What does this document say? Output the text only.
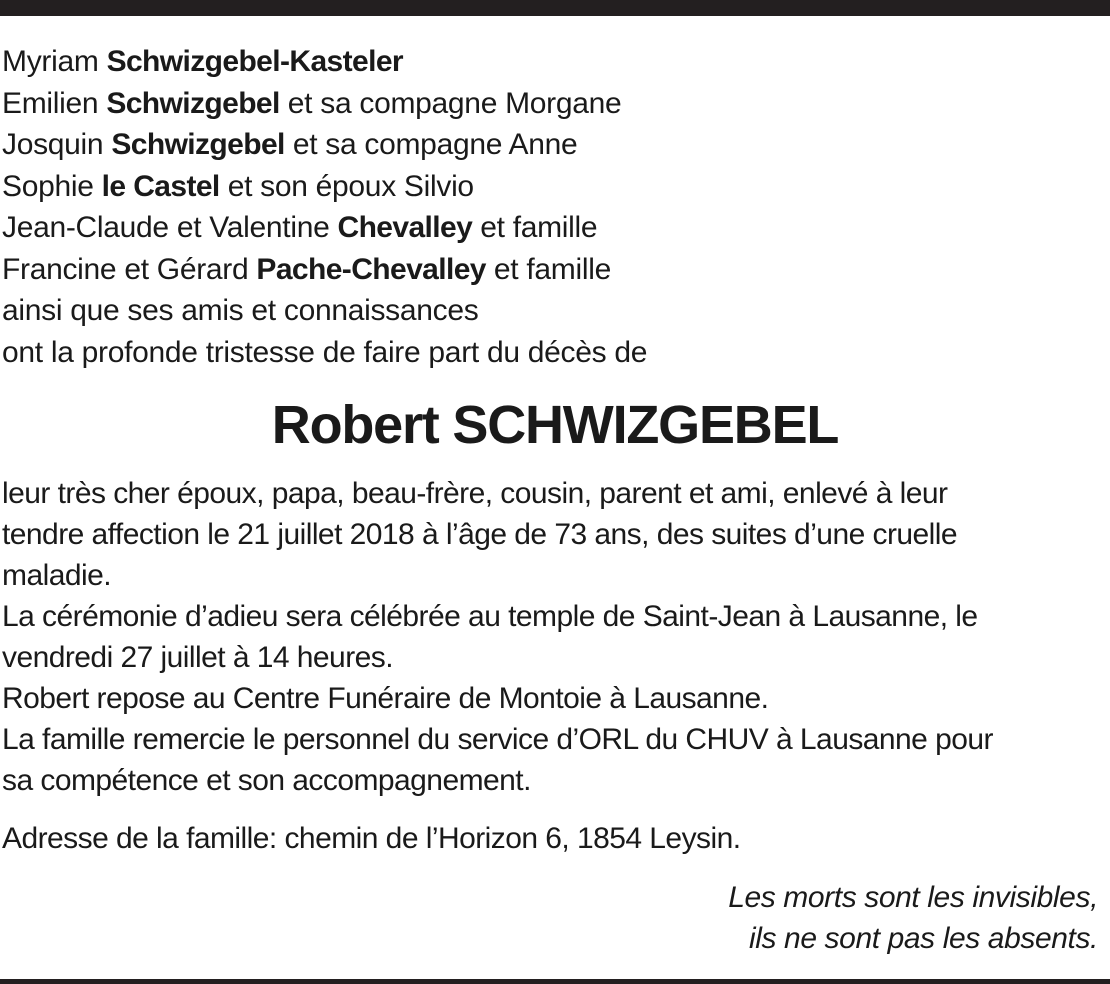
Myriam Schwizgebel-Kasteler
Emilien Schwizgebel et sa compagne Morgane
Josquin Schwizgebel et sa compagne Anne
Sophie le Castel et son époux Silvio
Jean-Claude et Valentine Chevalley et famille
Francine et Gérard Pache-Chevalley et famille
ainsi que ses amis et connaissances
ont la profonde tristesse de faire part du décès de
Robert SCHWIZGEBEL
leur très cher époux, papa, beau-frère, cousin, parent et ami, enlevé à leur
tendre affection le 21 juillet 2018 à l’âge de 73 ans, des suites d’une cruelle
maladie.
La cérémonie d’adieu sera célébrée au temple de Saint-Jean à Lausanne, le
vendredi 27 juillet à 14 heures.
Robert repose au Centre Funéraire de Montoie à Lausanne.
La famille remercie le personnel du service d’ORL du CHUV à Lausanne pour
sa compétence et son accompagnement.
Adresse de la famille: chemin de l’Horizon 6, 1854 Leysin.
Les morts sont les invisibles,
ils ne sont pas les absents.
